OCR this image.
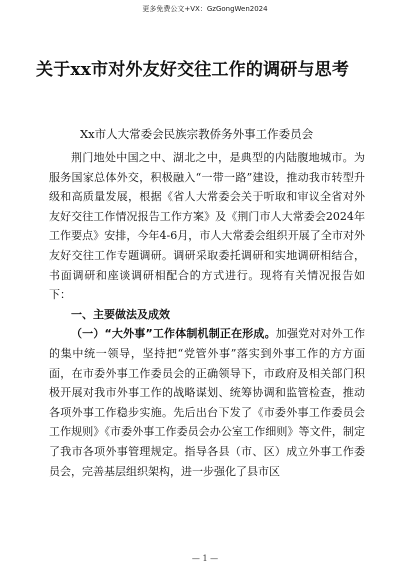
更多免费公文+VX：GzGongWen2024
关于xx市对外友好交往工作的调研与思考
Xx市人大常委会民族宗教侨务外事工作委员会

荆门地处中国之中、湖北之中，是典型的内陆腹地城市。为服务国家总体外交，积极融入“一带一路”建设，推动我市转型升级和高质量发展，根据《省人大常委会关于听取和审议全省对外友好交往工作情况报告工作方案》及《荆门市人大常委会2024年工作要点》安排，今年4-6月，市人大常委会组织开展了全市对外友好交往工作专题调研。调研采取委托调研和实地调研相结合，书面调研和座谈调研相配合的方式进行。现将有关情况报告如下：

一、主要做法及成效

（一）“大外事”工作体制机制正在形成。加强党对对外工作的集中统一领导，坚持把“党管外事”落实到外事工作的方方面面，在市委外事工作委员会的正确领导下，市政府及相关部门积极开展对我市外事工作的战略谋划、统筹协调和监管检查，推动各项外事工作稳步实施。先后出台下发了《市委外事工作委员会工作规则》《市委外事工作委员会办公室工作细则》等文件，制定了我市各项外事管理规定。指导各县（市、区）成立外事工作委员会，完善基层组织架构，进一步强化了县市区

— 1 —
